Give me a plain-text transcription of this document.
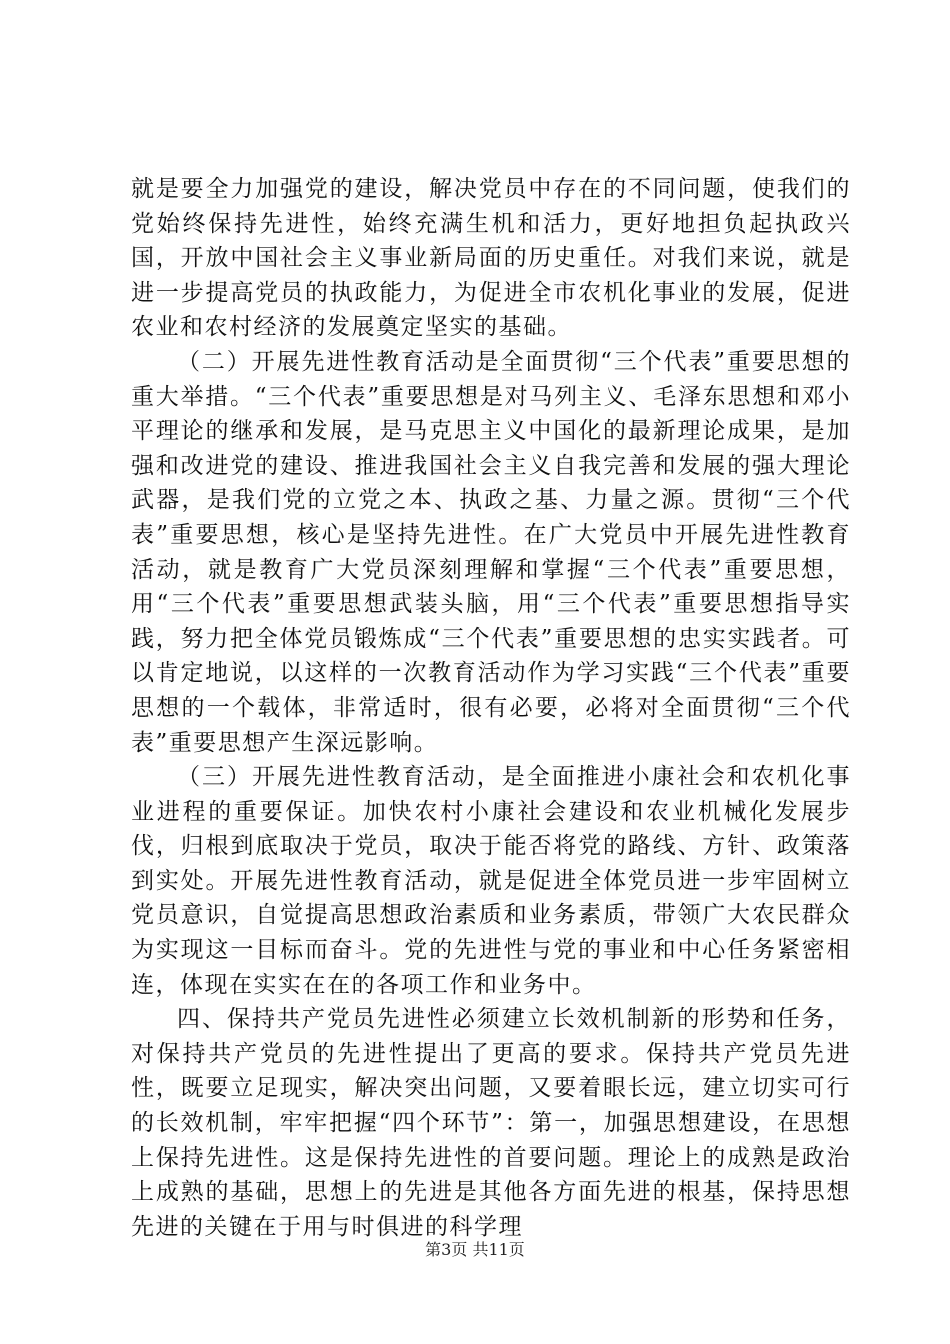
就是要全力加强党的建设，解决党员中存在的不同问题，使我们的党始终保持先进性，始终充满生机和活力，更好地担负起执政兴国，开放中国社会主义事业新局面的历史重任。对我们来说，就是进一步提高党员的执政能力，为促进全市农机化事业的发展，促进农业和农村经济的发展奠定坚实的基础。

（二）开展先进性教育活动是全面贯彻“三个代表”重要思想的重大举措。“三个代表”重要思想是对马列主义、毛泽东思想和邓小平理论的继承和发展，是马克思主义中国化的最新理论成果，是加强和改进党的建设、推进我国社会主义自我完善和发展的强大理论武器，是我们党的立党之本、执政之基、力量之源。贯彻“三个代表”重要思想，核心是坚持先进性。在广大党员中开展先进性教育活动，就是教育广大党员深刻理解和掌握“三个代表”重要思想，用“三个代表”重要思想武装头脑，用“三个代表”重要思想指导实践，努力把全体党员锻炼成“三个代表”重要思想的忠实实践者。可以肯定地说，以这样的一次教育活动作为学习实践“三个代表”重要思想的一个载体，非常适时，很有必要，必将对全面贯彻“三个代表”重要思想产生深远影响。

（三）开展先进性教育活动，是全面推进小康社会和农机化事业进程的重要保证。加快农村小康社会建设和农业机械化发展步伐，归根到底取决于党员，取决于能否将党的路线、方针、政策落到实处。开展先进性教育活动，就是促进全体党员进一步牢固树立党员意识，自觉提高思想政治素质和业务素质，带领广大农民群众为实现这一目标而奋斗。党的先进性与党的事业和中心任务紧密相连，体现在实实在在的各项工作和业务中。

四、保持共产党员先进性必须建立长效机制新的形势和任务，对保持共产党员的先进性提出了更高的要求。保持共产党员先进性，既要立足现实，解决突出问题，又要着眼长远，建立切实可行的长效机制，牢牢把握“四个环节”：第一，加强思想建设，在思想上保持先进性。这是保持先进性的首要问题。理论上的成熟是政治上成熟的基础，思想上的先进是其他各方面先进的根基，保持思想先进的关键在于用与时俱进的科学理

第3页 共11页
